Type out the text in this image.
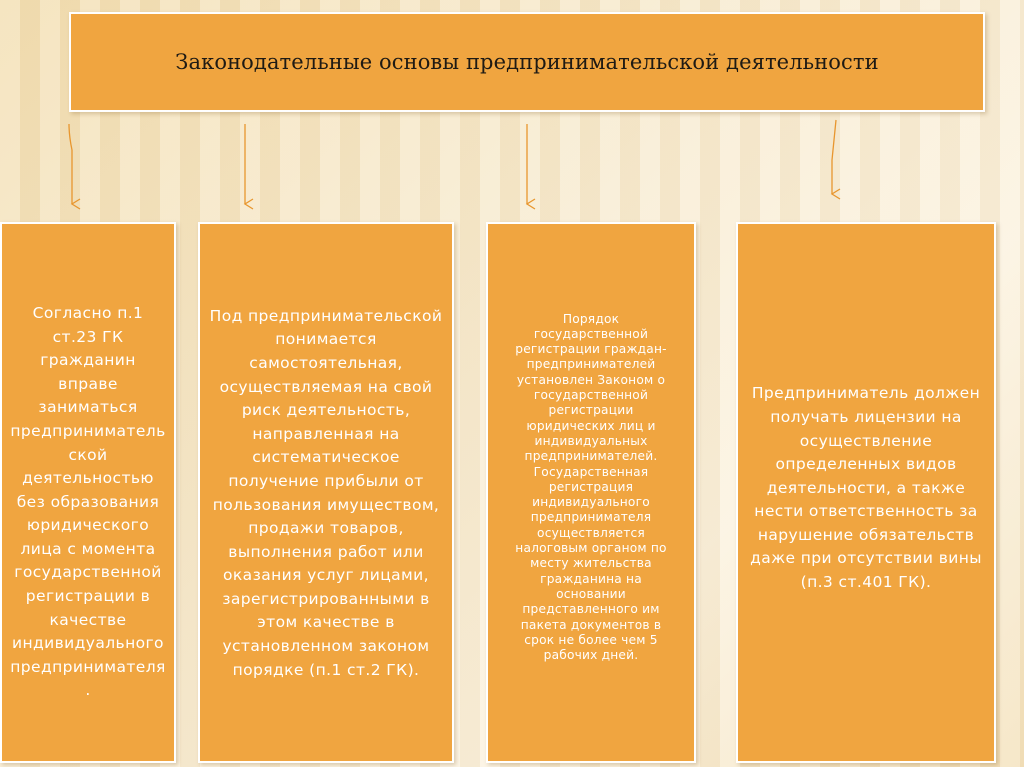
Законодательные основы предпринимательской деятельности
Согласно п.1
ст.23 ГК
гражданин
вправе
заниматься
предприниматель
ской
деятельностью
без образования
юридического
лица с момента
государственной
регистрации в
качестве
индивидуального
предпринимателя
.
Под предпринимательской
понимается
самостоятельная,
осуществляемая на свой
риск деятельность,
направленная на
систематическое
получение прибыли от
пользования имуществом,
продажи товаров,
выполнения работ или
оказания услуг лицами,
зарегистрированными в
этом качестве в
установленном законом
порядке (п.1 ст.2 ГК).
Порядок
государственной
регистрации граждан-
предпринимателей
установлен Законом о
государственной
регистрации
юридических лиц и
индивидуальных
предпринимателей.
Государственная
регистрация
индивидуального
предпринимателя
осуществляется
налоговым органом по
месту жительства
гражданина на
основании
представленного им
пакета документов в
срок не более чем 5
рабочих дней.
Предприниматель должен
получать лицензии на
осуществление
определенных видов
деятельности, а также
нести ответственность за
нарушение обязательств
даже при отсутствии вины
(п.3 ст.401 ГК).
